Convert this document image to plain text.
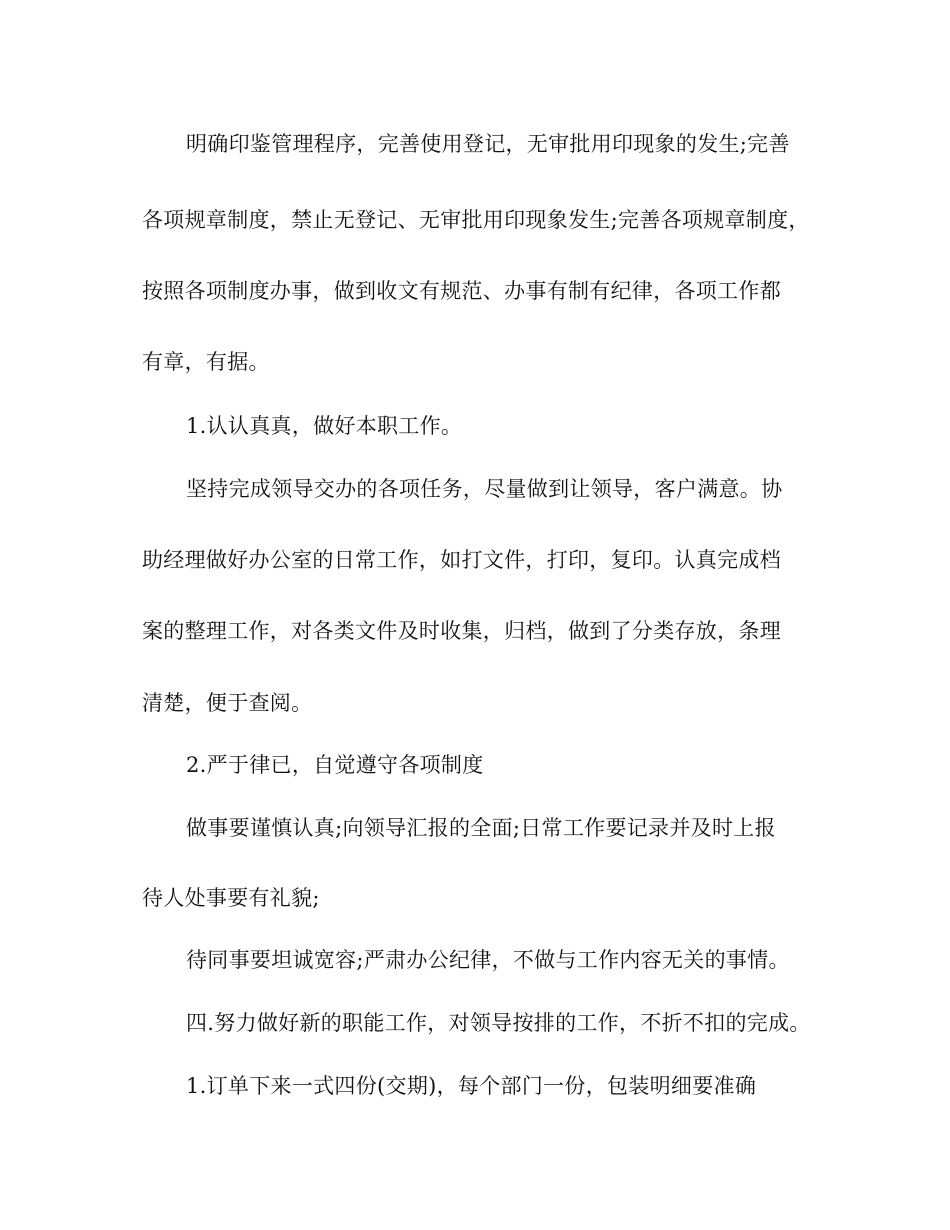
明确印鉴管理程序，完善使用登记，无审批用印现象的发生;完善
各项规章制度，禁止无登记、无审批用印现象发生;完善各项规章制度，
按照各项制度办事，做到收文有规范、办事有制有纪律，各项工作都
有章，有据。
1.认认真真，做好本职工作。
坚持完成领导交办的各项任务，尽量做到让领导，客户满意。协
助经理做好办公室的日常工作，如打文件，打印，复印。认真完成档
案的整理工作，对各类文件及时收集，归档，做到了分类存放，条理
清楚，便于查阅。
2.严于律已，自觉遵守各项制度
做事要谨慎认真;向领导汇报的全面;日常工作要记录并及时上报
待人处事要有礼貌;
待同事要坦诚宽容;严肃办公纪律，不做与工作内容无关的事情。
四.努力做好新的职能工作，对领导按排的工作，不折不扣的完成。
1.订单下来一式四份(交期)，每个部门一份，包装明细要准确
